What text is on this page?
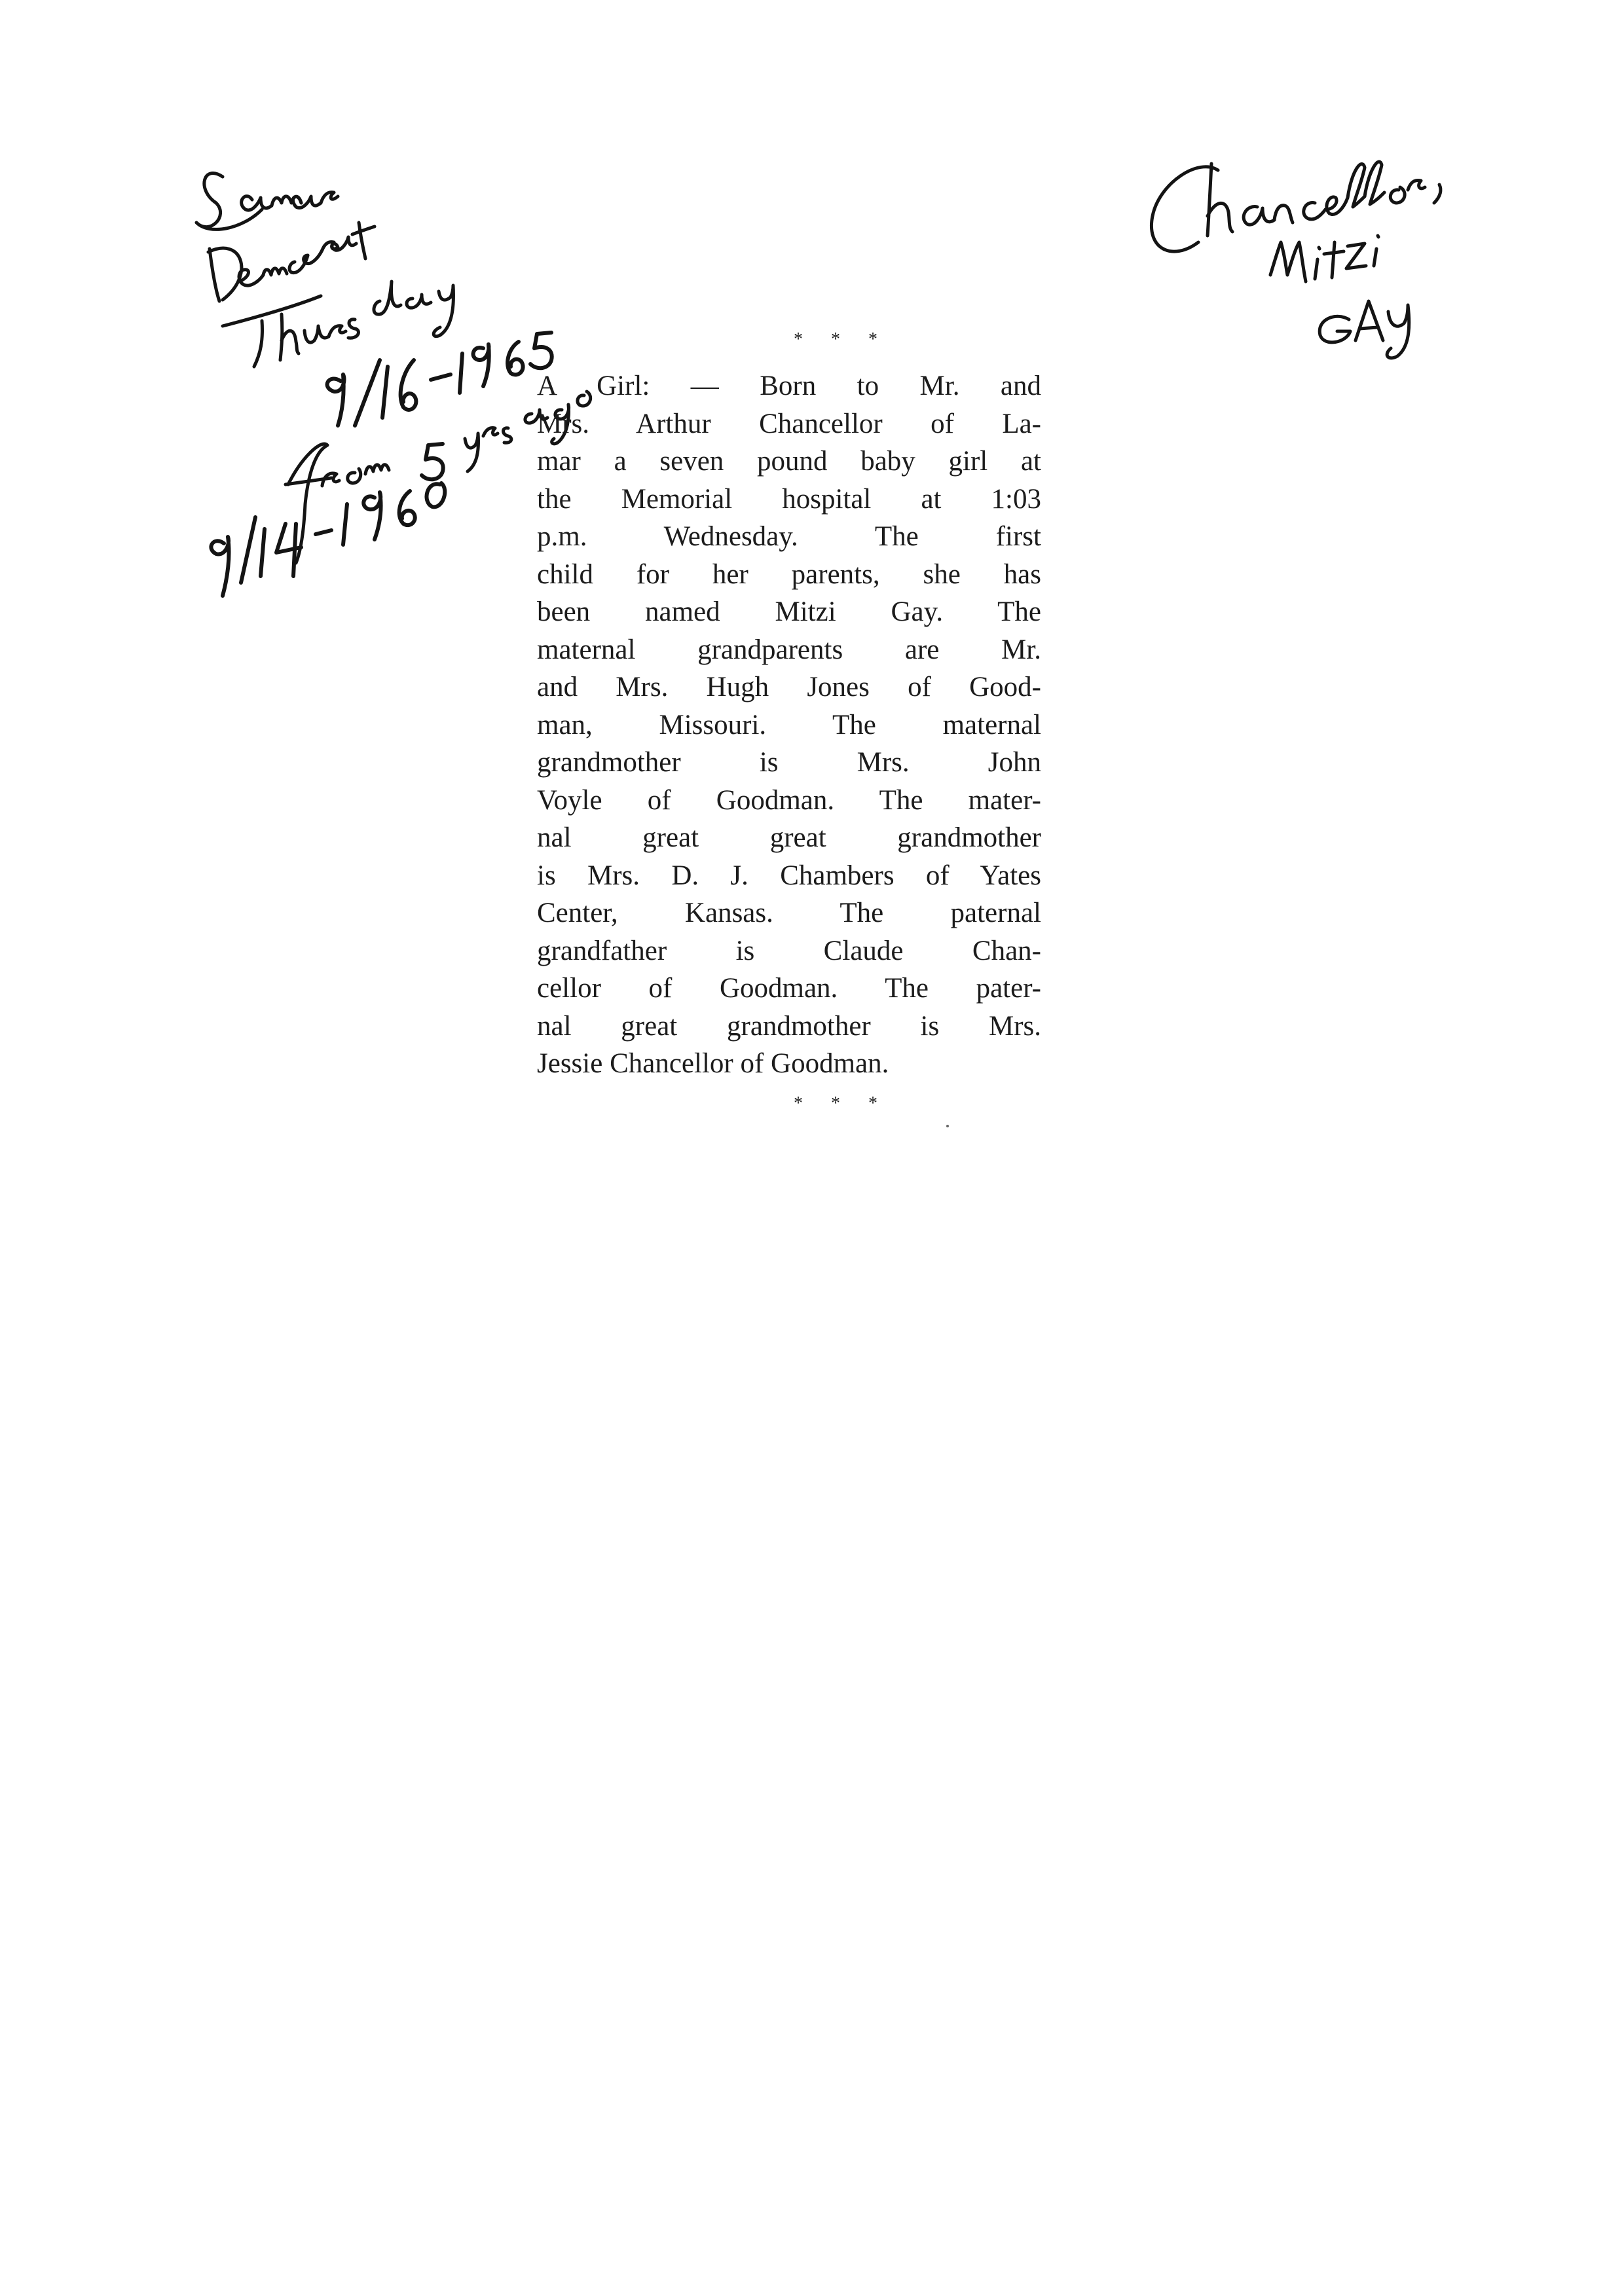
* * *
A Girl: — Born to Mr. and
Mrs. Arthur Chancellor of La-
mar a seven pound baby girl at
the Memorial hospital at 1:03
p.m. Wednesday. The first
child for her parents, she has
been named Mitzi Gay. The
maternal grandparents are Mr.
and Mrs. Hugh Jones of Good-
man, Missouri. The maternal
grandmother is Mrs. John
Voyle of Goodman. The mater-
nal great great grandmother
is Mrs. D. J. Chambers of Yates
Center, Kansas. The paternal
grandfather is Claude Chan-
cellor of Goodman. The pater-
nal great grandmother is Mrs.
Jessie Chancellor of Goodman.
* * *
